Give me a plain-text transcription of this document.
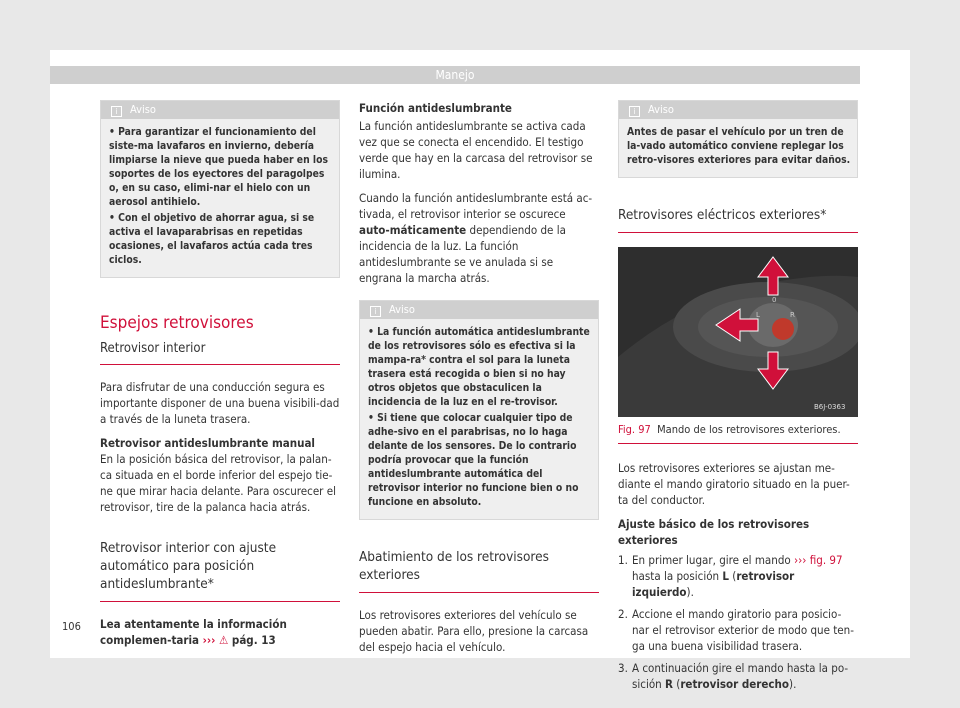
Manejo
i Aviso

• Para garantizar el funcionamiento del siste-ma lavafaros en invierno, debería limpiarse la nieve que pueda haber en los soportes de los eyectores del paragolpes o, en su caso, elimi-nar el hielo con un aerosol antihielo.

• Con el objetivo de ahorrar agua, si se activa el lavaparabrisas en repetidas ocasiones, el lavafaros actúa cada tres ciclos.

Espejos retrovisores
Retrovisor interior

Para disfrutar de una conducción segura es importante disponer de una buena visibili-dad a través de la luneta trasera.

Retrovisor antideslumbrante manual

En la posición básica del retrovisor, la palan-ca situada en el borde inferior del espejo tie-ne que mirar hacia delante. Para oscurecer el retrovisor, tire de la palanca hacia atrás.

Retrovisor interior con ajuste automático para posición antideslumbrante*

Lea atentamente la información complemen-taria ››› ⚠ pág. 13

Función antideslumbrante

La función antideslumbrante se activa cada vez que se conecta el encendido. El testigo verde que hay en la carcasa del retrovisor se ilumina.

Cuando la función antideslumbrante está ac-tivada, el retrovisor interior se oscurece auto-máticamente dependiendo de la incidencia de la luz. La función antideslumbrante se ve anulada si se engrana la marcha atrás.

i Aviso

• La función automática antideslumbrante de los retrovisores sólo es efectiva si la mampa-ra* contra el sol para la luneta trasera está recogida o bien si no hay otros objetos que obstaculicen la incidencia de la luz en el re-trovisor.

• Si tiene que colocar cualquier tipo de adhe-sivo en el parabrisas, no lo haga delante de los sensores. De lo contrario podría provocar que la función antideslumbrante automática del retrovisor interior no funcione bien o no funcione en absoluto.

Abatimiento de los retrovisores exteriores

Los retrovisores exteriores del vehículo se pueden abatir. Para ello, presione la carcasa del espejo hacia el vehículo.

i Aviso

Antes de pasar el vehículo por un tren de la-vado automático conviene replegar los retro-visores exteriores para evitar daños.

Retrovisores eléctricos exteriores*
0
L	R
B6J-0363
Fig. 97 Mando de los retrovisores exteriores.

Los retrovisores exteriores se ajustan me-diante el mando giratorio situado en la puer-ta del conductor.

Ajuste básico de los retrovisores exteriores

1. En primer lugar, gire el mando ››› fig. 97 hasta la posición L (retrovisor izquierdo).
2. Accione el mando giratorio para posicio-nar el retrovisor exterior de modo que ten-ga una buena visibilidad trasera.
3. A continuación gire el mando hasta la po-sición R (retrovisor derecho).
106
